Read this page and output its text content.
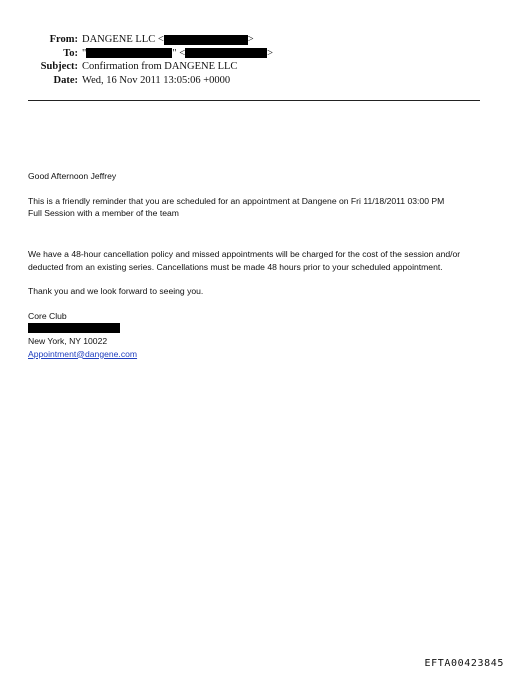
From: DANGENE LLC <	>
To: "	" <	>
Subject: Confirmation from DANGENE LLC
Date: Wed, 16 Nov 2011 13:05:06 +0000

Good Afternoon Jeffrey

This is a friendly reminder that you are scheduled for an appointment at Dangene on Fri 11/18/2011 03:00 PM

Full Session with a member of the team

We have a 48-hour cancellation policy and missed appointments will be charged for the cost of the session and/or deducted from an existing series. Cancellations must be made 48 hours prior to your scheduled appointment.

Thank you and we look forward to seeing you.

Core Club

New York, NY 10022

Appointment@dangene.com

EFTA00423845
